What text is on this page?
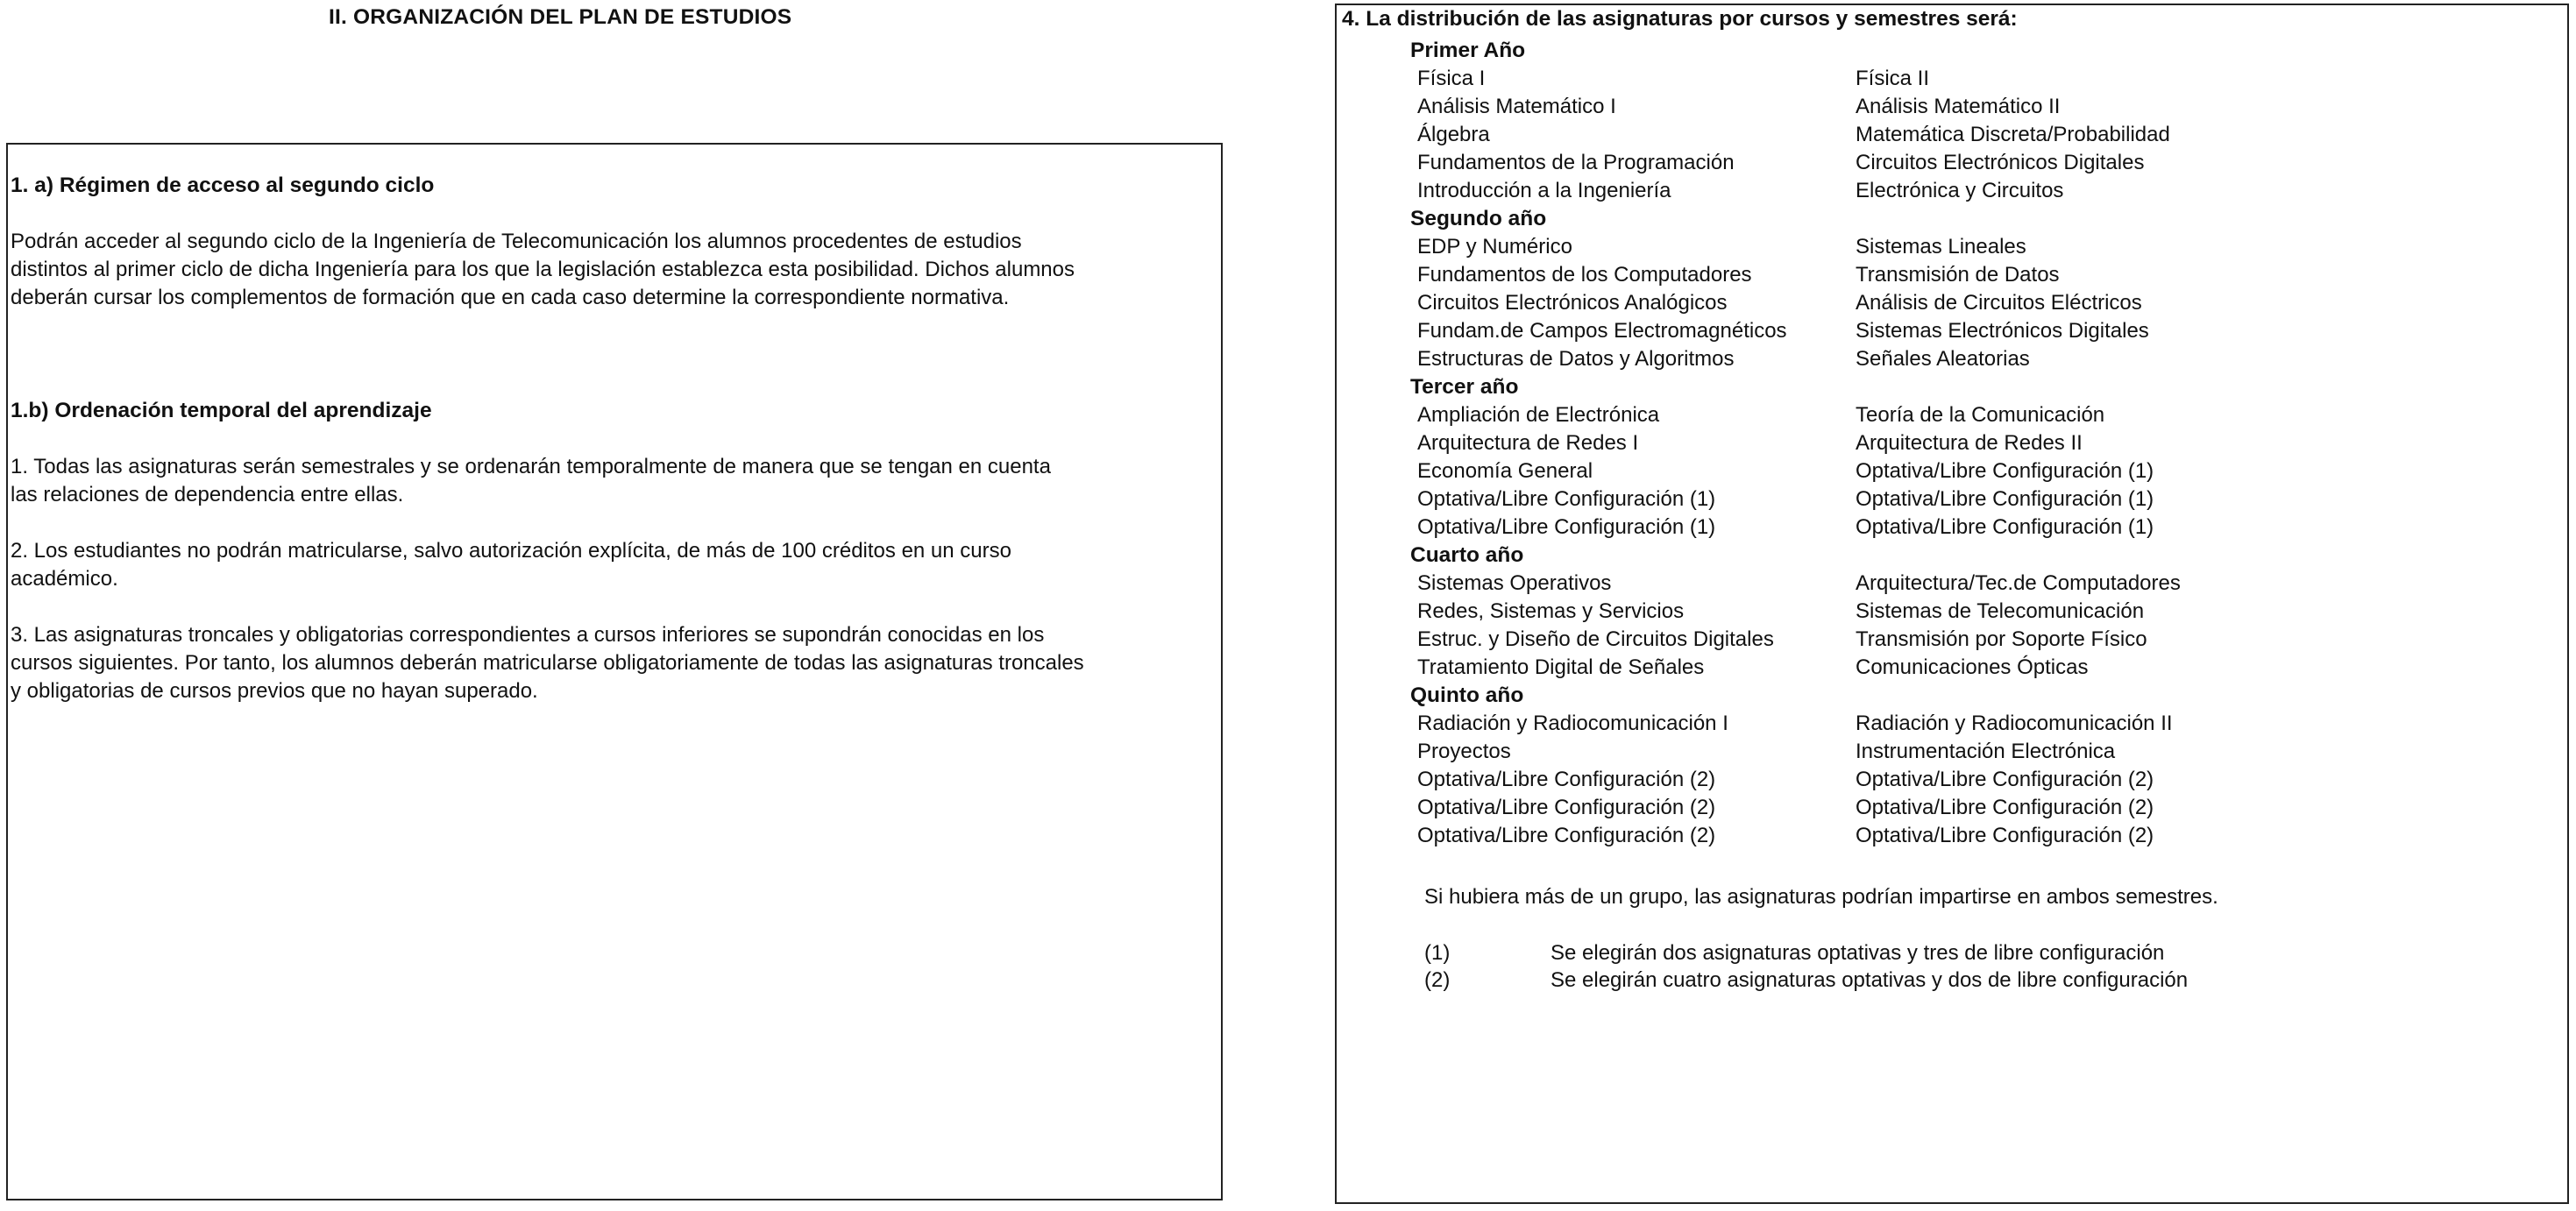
II. ORGANIZACIÓN DEL PLAN DE ESTUDIOS
1. a) Régimen de acceso al segundo ciclo
Podrán acceder al segundo ciclo de la Ingeniería de Telecomunicación los alumnos procedentes de estudios
distintos al primer ciclo de dicha Ingeniería para los que la legislación establezca esta posibilidad. Dichos alumnos
deberán cursar los complementos de formación que en cada caso determine la correspondiente normativa.
1.b) Ordenación temporal del aprendizaje
1. Todas las asignaturas serán semestrales y se ordenarán temporalmente de manera que se tengan en cuenta
las relaciones de dependencia entre ellas.
2. Los estudiantes no podrán matricularse, salvo autorización explícita, de más de 100 créditos en un curso
académico.
3. Las asignaturas troncales y obligatorias correspondientes a cursos inferiores se supondrán conocidas en los
cursos siguientes. Por tanto, los alumnos deberán matricularse obligatoriamente de todas las asignaturas troncales
y obligatorias de cursos previos que no hayan superado.
4. La distribución de las asignaturas por cursos y semestres será:
Primer Año
Física I	Física II
Análisis Matemático I	Análisis Matemático II
Álgebra	Matemática Discreta/Probabilidad
Fundamentos de la Programación	Circuitos Electrónicos Digitales
Introducción a la Ingeniería	Electrónica y Circuitos
Segundo año
EDP y Numérico	Sistemas Lineales
Fundamentos de los Computadores	Transmisión de Datos
Circuitos Electrónicos Analógicos	Análisis de Circuitos Eléctricos
Fundam.de Campos Electromagnéticos	Sistemas Electrónicos Digitales
Estructuras de Datos y Algoritmos	Señales Aleatorias
Tercer año
Ampliación de Electrónica	Teoría de la Comunicación
Arquitectura de Redes I	Arquitectura de Redes II
Economía General	Optativa/Libre Configuración (1)
Optativa/Libre Configuración (1)	Optativa/Libre Configuración (1)
Optativa/Libre Configuración (1)	Optativa/Libre Configuración (1)
Cuarto año
Sistemas Operativos	Arquitectura/Tec.de Computadores
Redes, Sistemas y Servicios	Sistemas de Telecomunicación
Estruc. y Diseño de Circuitos Digitales	Transmisión por Soporte Físico
Tratamiento Digital de Señales	Comunicaciones Ópticas
Quinto año
Radiación y Radiocomunicación I	Radiación y Radiocomunicación II
Proyectos	Instrumentación Electrónica
Optativa/Libre Configuración (2)	Optativa/Libre Configuración (2)
Optativa/Libre Configuración (2)	Optativa/Libre Configuración (2)
Optativa/Libre Configuración (2)	Optativa/Libre Configuración (2)
Si hubiera más de un grupo, las asignaturas podrían impartirse en ambos semestres.
(1)	Se elegirán dos asignaturas optativas y tres de libre configuración
(2)	Se elegirán cuatro asignaturas optativas y dos de libre configuración
